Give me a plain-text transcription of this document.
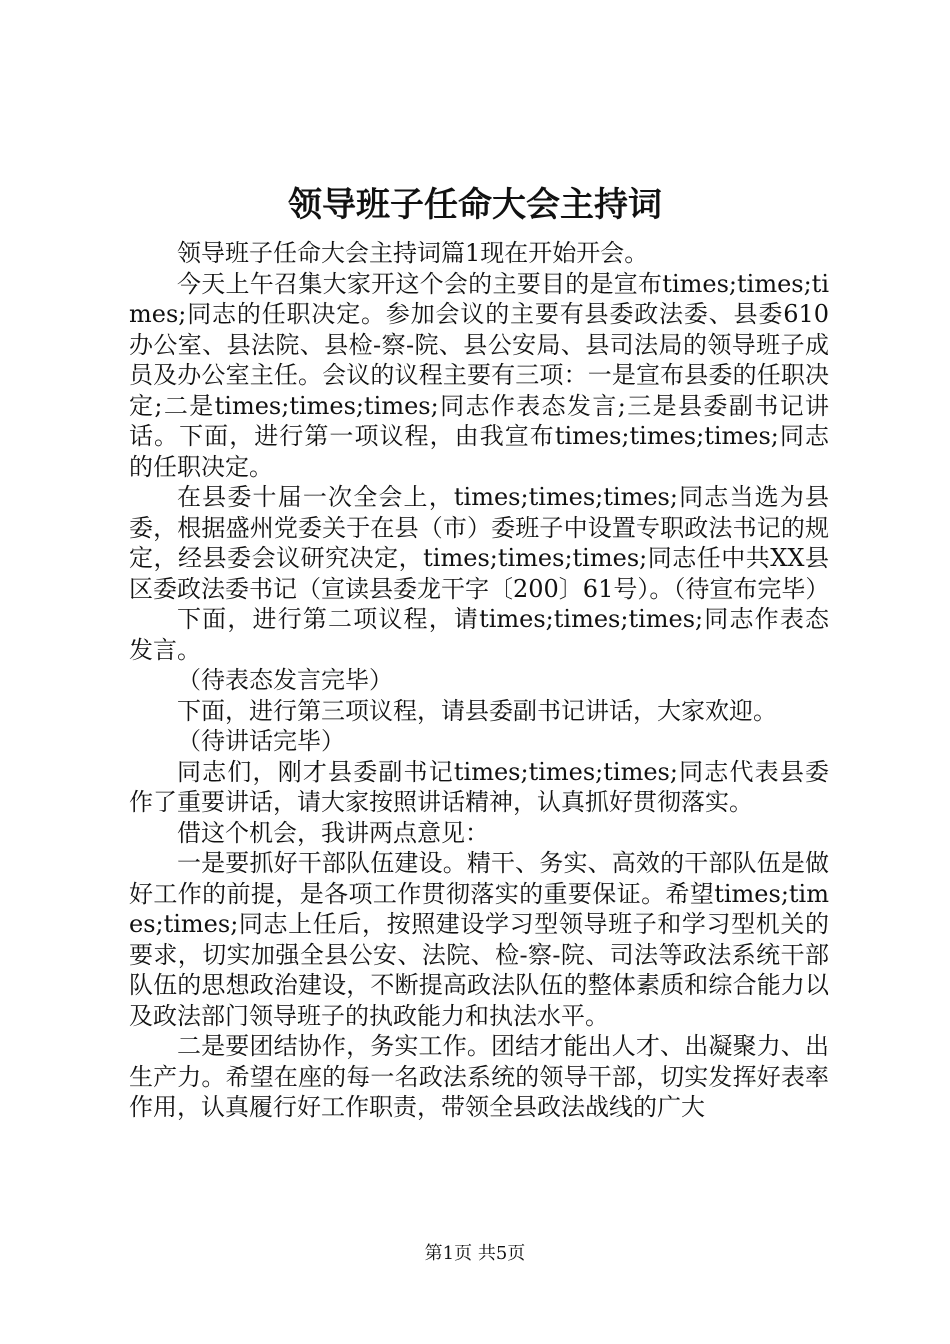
领导班子任命大会主持词

领导班子任命大会主持词篇1现在开始开会。

今天上午召集大家开这个会的主要目的是宣布times;times;times;同志的任职决定。参加会议的主要有县委政法委、县委610办公室、县法院、县检-察-院、县公安局、县司法局的领导班子成员及办公室主任。会议的议程主要有三项：一是宣布县委的任职决定;二是times;times;times;同志作表态发言;三是县委副书记讲话。下面，进行第一项议程，由我宣布times;times;times;同志的任职决定。

在县委十届一次全会上，times;times;times;同志当选为县委，根据盛州党委关于在县（市）委班子中设置专职政法书记的规定，经县委会议研究决定，times;times;times;同志任中共XX县区委政法委书记（宣读县委龙干字〔200〕61号）。（待宣布完毕）

下面，进行第二项议程，请times;times;times;同志作表态发言。

（待表态发言完毕）

下面，进行第三项议程，请县委副书记讲话，大家欢迎。

（待讲话完毕）

同志们，刚才县委副书记times;times;times;同志代表县委作了重要讲话，请大家按照讲话精神，认真抓好贯彻落实。

借这个机会，我讲两点意见：

一是要抓好干部队伍建设。精干、务实、高效的干部队伍是做好工作的前提，是各项工作贯彻落实的重要保证。希望times;times;times;同志上任后，按照建设学习型领导班子和学习型机关的要求，切实加强全县公安、法院、检-察-院、司法等政法系统干部队伍的思想政治建设，不断提高政法队伍的整体素质和综合能力以及政法部门领导班子的执政能力和执法水平。

二是要团结协作，务实工作。团结才能出人才、出凝聚力、出生产力。希望在座的每一名政法系统的领导干部，切实发挥好表率作用，认真履行好工作职责，带领全县政法战线的广大

第1页 共5页
